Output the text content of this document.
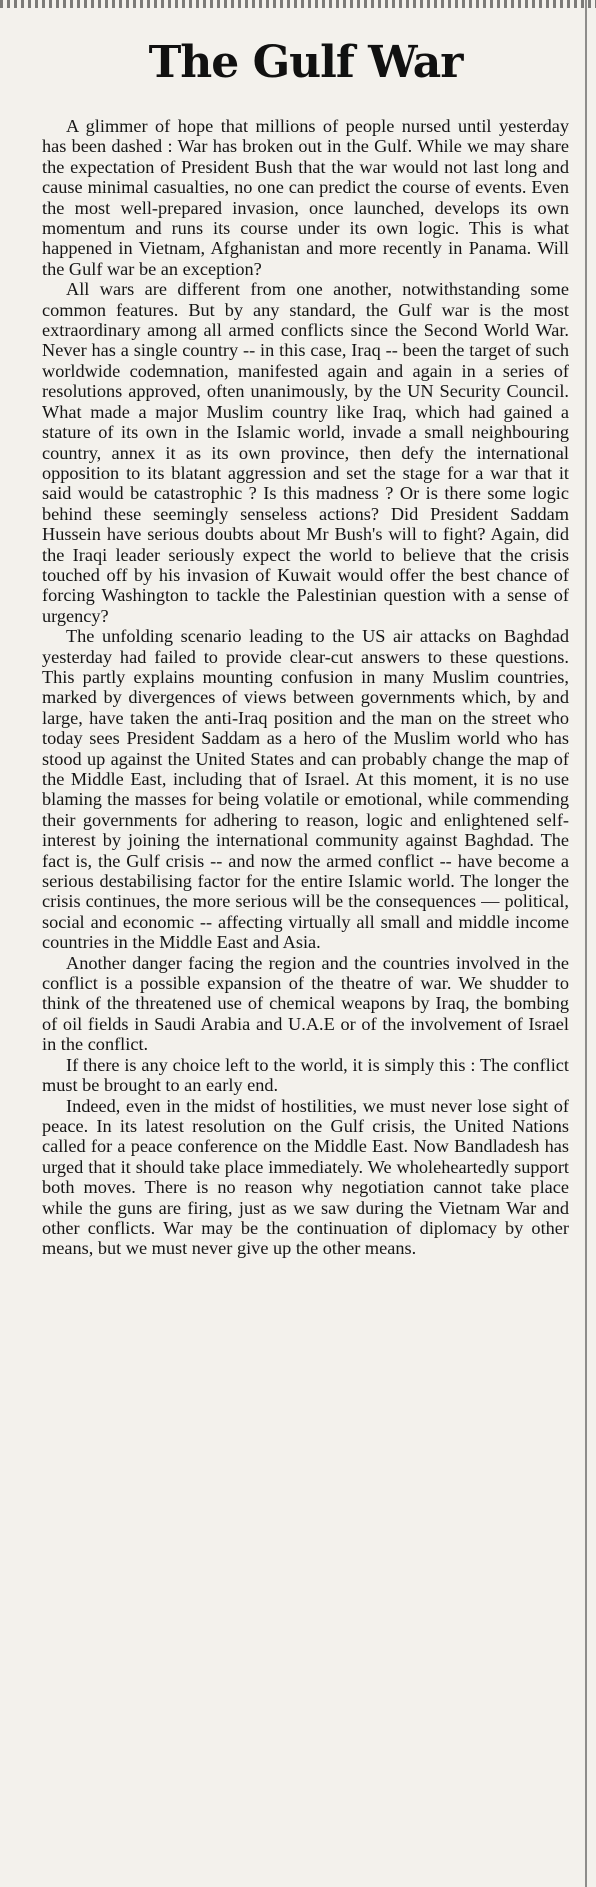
The Gulf War

A glimmer of hope that millions of people nursed until yesterday has been dashed : War has broken out in the Gulf. While we may share the expectation of President Bush that the war would not last long and cause minimal casualties, no one can predict the course of events. Even the most well-prepared invasion, once launched, develops its own momentum and runs its course under its own logic. This is what happened in Vietnam, Afghanistan and more recently in Panama. Will the Gulf war be an exception?

All wars are different from one another, notwithstanding some common features. But by any standard, the Gulf war is the most extraordinary among all armed conflicts since the Second World War. Never has a single country -- in this case, Iraq -- been the target of such worldwide codemnation, manifested again and again in a series of resolutions approved, often unanimously, by the UN Security Council. What made a major Muslim country like Iraq, which had gained a stature of its own in the Islamic world, invade a small neighbouring country, annex it as its own province, then defy the international opposition to its blatant aggression and set the stage for a war that it said would be catastrophic ? Is this madness ? Or is there some logic behind these seemingly senseless actions? Did President Saddam Hussein have serious doubts about Mr Bush's will to fight? Again, did the Iraqi leader seriously expect the world to believe that the crisis touched off by his invasion of Kuwait would offer the best chance of forcing Washington to tackle the Palestinian question with a sense of urgency?

The unfolding scenario leading to the US air attacks on Baghdad yesterday had failed to provide clear-cut answers to these questions. This partly explains mounting confusion in many Muslim countries, marked by divergences of views between governments which, by and large, have taken the anti-Iraq position and the man on the street who today sees President Saddam as a hero of the Muslim world who has stood up against the United States and can probably change the map of the Middle East, including that of Israel. At this moment, it is no use blaming the masses for being volatile or emotional, while commending their governments for adhering to reason, logic and enlightened self-interest by joining the international community against Baghdad. The fact is, the Gulf crisis -- and now the armed conflict -- have become a serious destabilising factor for the entire Islamic world. The longer the crisis continues, the more serious will be the consequences — political, social and economic -- affecting virtually all small and middle income countries in the Middle East and Asia.

Another danger facing the region and the countries involved in the conflict is a possible expansion of the theatre of war. We shudder to think of the threatened use of chemical weapons by Iraq, the bombing of oil fields in Saudi Arabia and U.A.E or of the involvement of Israel in the conflict.

If there is any choice left to the world, it is simply this : The conflict must be brought to an early end.

Indeed, even in the midst of hostilities, we must never lose sight of peace. In its latest resolution on the Gulf crisis, the United Nations called for a peace conference on the Middle East. Now Bandladesh has urged that it should take place immediately. We wholeheartedly support both moves. There is no reason why negotiation cannot take place while the guns are firing, just as we saw during the Vietnam War and other conflicts. War may be the continuation of diplomacy by other means, but we must never give up the other means.
